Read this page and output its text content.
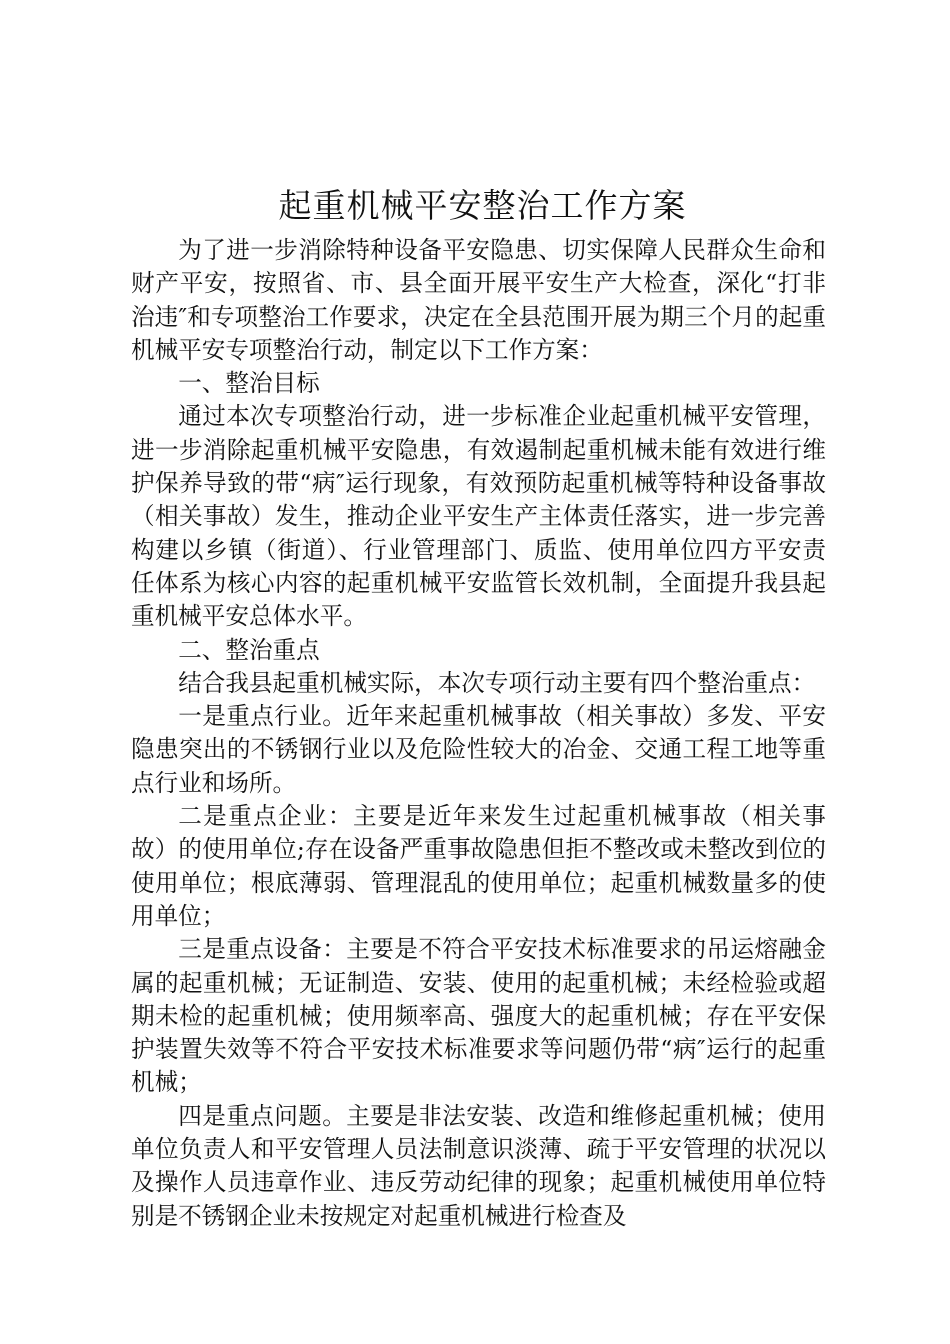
起重机械平安整治工作方案

为了进一步消除特种设备平安隐患、切实保障人民群众生命和财产平安，按照省、市、县全面开展平安生产大检查，深化“打非治违″和专项整治工作要求，决定在全县范围开展为期三个月的起重机械平安专项整治行动，制定以下工作方案：

一、整治目标

通过本次专项整治行动，进一步标准企业起重机械平安管理，进一步消除起重机械平安隐患，有效遏制起重机械未能有效进行维护保养导致的带“病″运行现象，有效预防起重机械等特种设备事故（相关事故）发生，推动企业平安生产主体责任落实，进一步完善构建以乡镇（街道）、行业管理部门、质监、使用单位四方平安责任体系为核心内容的起重机械平安监管长效机制，全面提升我县起重机械平安总体水平。

二、整治重点

结合我县起重机械实际，本次专项行动主要有四个整治重点：

一是重点行业。近年来起重机械事故（相关事故）多发、平安隐患突出的不锈钢行业以及危险性较大的冶金、交通工程工地等重点行业和场所。

二是重点企业：主要是近年来发生过起重机械事故（相关事故）的使用单位;存在设备严重事故隐患但拒不整改或未整改到位的使用单位；根底薄弱、管理混乱的使用单位；起重机械数量多的使用单位；

三是重点设备：主要是不符合平安技术标准要求的吊运熔融金属的起重机械；无证制造、安装、使用的起重机械；未经检验或超期未检的起重机械；使用频率高、强度大的起重机械；存在平安保护装置失效等不符合平安技术标准要求等问题仍带“病″运行的起重机械；

四是重点问题。主要是非法安装、改造和维修起重机械；使用单位负责人和平安管理人员法制意识淡薄、疏于平安管理的状况以及操作人员违章作业、违反劳动纪律的现象；起重机械使用单位特别是不锈钢企业未按规定对起重机械进行检查及
